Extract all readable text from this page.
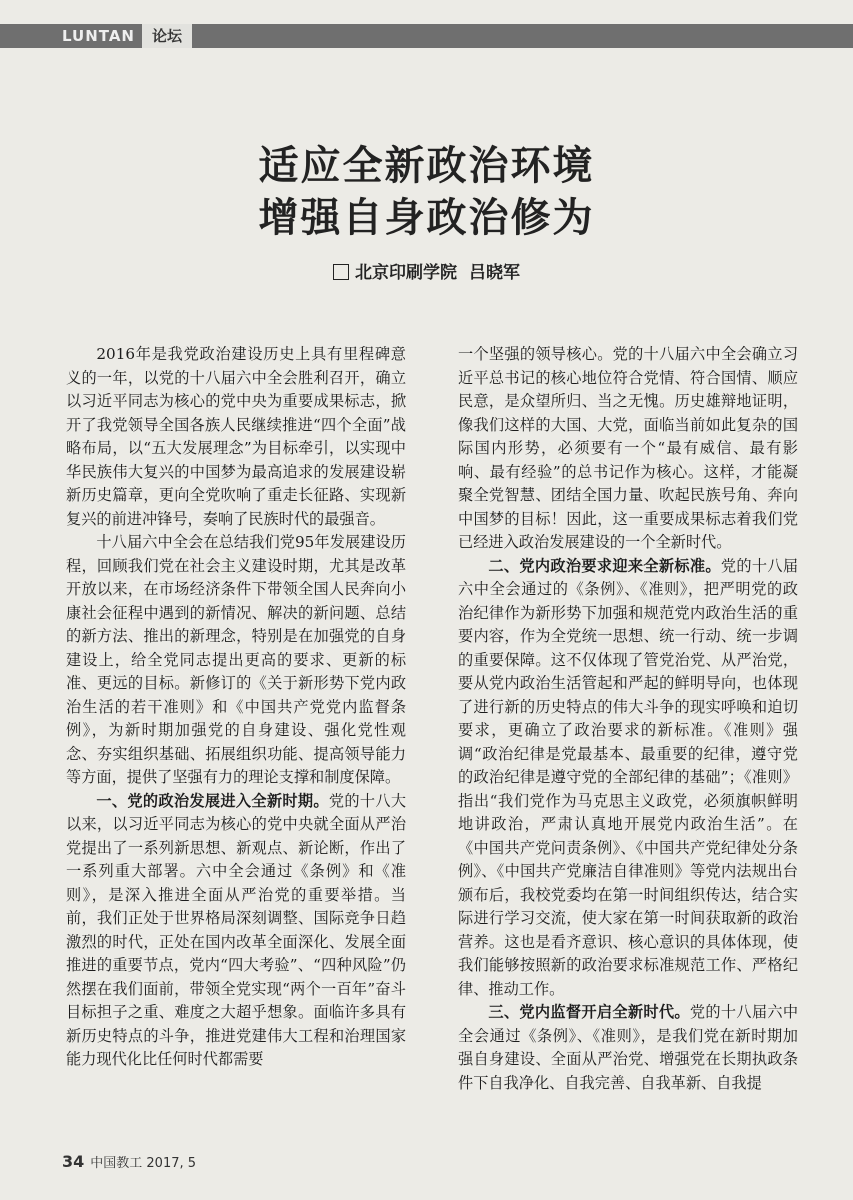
LUNTAN	论坛
适应全新政治环境
增强自身政治修为
北京印刷学院 吕晓军

2016年是我党政治建设历史上具有里程碑意义的一年，以党的十八届六中全会胜利召开，确立以习近平同志为核心的党中央为重要成果标志，掀开了我党领导全国各族人民继续推进“四个全面”战略布局，以“五大发展理念”为目标牵引，以实现中华民族伟大复兴的中国梦为最高追求的发展建设崭新历史篇章，更向全党吹响了重走长征路、实现新复兴的前进冲锋号，奏响了民族时代的最强音。

十八届六中全会在总结我们党95年发展建设历程，回顾我们党在社会主义建设时期，尤其是改革开放以来，在市场经济条件下带领全国人民奔向小康社会征程中遇到的新情况、解决的新问题、总结的新方法、推出的新理念，特别是在加强党的自身建设上，给全党同志提出更高的要求、更新的标准、更远的目标。新修订的《关于新形势下党内政治生活的若干准则》和《中国共产党党内监督条例》，为新时期加强党的自身建设、强化党性观念、夯实组织基础、拓展组织功能、提高领导能力等方面，提供了坚强有力的理论支撑和制度保障。

一、党的政治发展进入全新时期。党的十八大以来，以习近平同志为核心的党中央就全面从严治党提出了一系列新思想、新观点、新论断，作出了一系列重大部署。六中全会通过《条例》和《准则》，是深入推进全面从严治党的重要举措。当前，我们正处于世界格局深刻调整、国际竞争日趋激烈的时代，正处在国内改革全面深化、发展全面推进的重要节点，党内“四大考验”、“四种风险”仍然摆在我们面前，带领全党实现“两个一百年”奋斗目标担子之重、难度之大超乎想象。面临许多具有新历史特点的斗争，推进党建伟大工程和治理国家能力现代化比任何时代都需要

一个坚强的领导核心。党的十八届六中全会确立习近平总书记的核心地位符合党情、符合国情、顺应民意，是众望所归、当之无愧。历史雄辩地证明，像我们这样的大国、大党，面临当前如此复杂的国际国内形势，必须要有一个“最有威信、最有影响、最有经验”的总书记作为核心。这样，才能凝聚全党智慧、团结全国力量、吹起民族号角、奔向中国梦的目标！因此，这一重要成果标志着我们党已经进入政治发展建设的一个全新时代。

二、党内政治要求迎来全新标准。党的十八届六中全会通过的《条例》、《准则》，把严明党的政治纪律作为新形势下加强和规范党内政治生活的重要内容，作为全党统一思想、统一行动、统一步调的重要保障。这不仅体现了管党治党、从严治党，要从党内政治生活管起和严起的鲜明导向，也体现了进行新的历史特点的伟大斗争的现实呼唤和迫切要求，更确立了政治要求的新标准。《准则》强调“政治纪律是党最基本、最重要的纪律，遵守党的政治纪律是遵守党的全部纪律的基础”；《准则》指出“我们党作为马克思主义政党，必须旗帜鲜明地讲政治，严肃认真地开展党内政治生活”。在《中国共产党问责条例》、《中国共产党纪律处分条例》、《中国共产党廉洁自律准则》等党内法规出台颁布后，我校党委均在第一时间组织传达，结合实际进行学习交流，使大家在第一时间获取新的政治营养。这也是看齐意识、核心意识的具体体现，使我们能够按照新的政治要求标准规范工作、严格纪律、推动工作。

三、党内监督开启全新时代。党的十八届六中全会通过《条例》、《准则》，是我们党在新时期加强自身建设、全面从严治党、增强党在长期执政条件下自我净化、自我完善、自我革新、自我提

34 中国教工 2017, 5
